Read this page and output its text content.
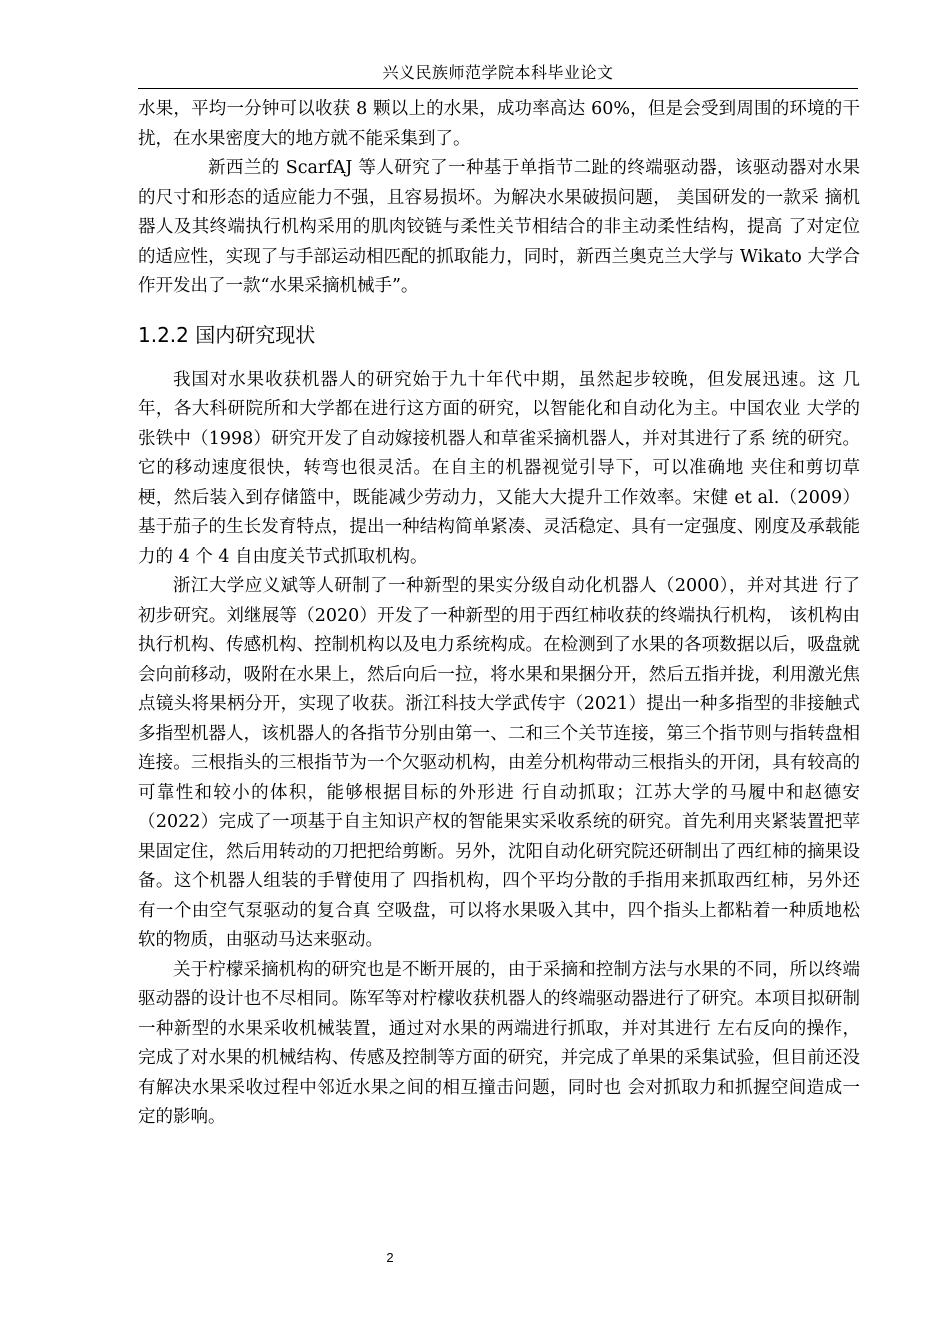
兴义民族师范学院本科毕业论文

水果，平均一分钟可以收获 8 颗以上的水果，成功率高达 60%，但是会受到周围的环境的干扰，在水果密度大的地方就不能采集到了。

新西兰的 ScarfAJ 等人研究了一种基于单指节二趾的终端驱动器，该驱动器对水果 的尺寸和形态的适应能力不强，且容易损坏。为解决水果破损问题， 美国研发的一款采 摘机器人及其终端执行机构采用的肌肉铰链与柔性关节相结合的非主动柔性结构，提高 了对定位的适应性，实现了与手部运动相匹配的抓取能力，同时，新西兰奥克兰大学与 Wikato 大学合作开发出了一款“水果采摘机械手”。

1.2.2 国内研究现状

我国对水果收获机器人的研究始于九十年代中期，虽然起步较晚，但发展迅速。这 几年，各大科研院所和大学都在进行这方面的研究，以智能化和自动化为主。中国农业 大学的张铁中（1998）研究开发了自动嫁接机器人和草雀采摘机器人，并对其进行了系 统的研究。它的移动速度很快，转弯也很灵活。在自主的机器视觉引导下，可以准确地 夹住和剪切草梗，然后装入到存储篮中，既能减少劳动力，又能大大提升工作效率。宋健 et al.（2009）基于茄子的生长发育特点，提出一种结构简单紧凑、灵活稳定、具有一定强度、刚度及承载能力的 4 个 4 自由度关节式抓取机构。

浙江大学应义斌等人研制了一种新型的果实分级自动化机器人（2000），并对其进 行了初步研究。刘继展等（2020）开发了一种新型的用于西红柿收获的终端执行机构， 该机构由执行机构、传感机构、控制机构以及电力系统构成。在检测到了水果的各项数据以后，吸盘就会向前移动，吸附在水果上，然后向后一拉，将水果和果捆分开，然后五指并拢，利用激光焦点镜头将果柄分开，实现了收获。浙江科技大学武传宇（2021）提出一种多指型的非接触式多指型机器人，该机器人的各指节分别由第一、二和三个关节连接，第三个指节则与指转盘相连接。三根指头的三根指节为一个欠驱动机构，由差分机构带动三根指头的开闭，具有较高的可靠性和较小的体积，能够根据目标的外形进 行自动抓取；江苏大学的马履中和赵德安（2022）完成了一项基于自主知识产权的智能果实采收系统的研究。首先利用夹紧装置把苹果固定住，然后用转动的刀把把给剪断。另外，沈阳自动化研究院还研制出了西红柿的摘果设备。这个机器人组装的手臂使用了 四指机构，四个平均分散的手指用来抓取西红柿，另外还有一个由空气泵驱动的复合真 空吸盘，可以将水果吸入其中，四个指头上都粘着一种质地松软的物质，由驱动马达来驱动。

关于柠檬采摘机构的研究也是不断开展的，由于采摘和控制方法与水果的不同，所以终端驱动器的设计也不尽相同。陈军等对柠檬收获机器人的终端驱动器进行了研究。本项目拟研制一种新型的水果采收机械装置，通过对水果的两端进行抓取，并对其进行 左右反向的操作，完成了对水果的机械结构、传感及控制等方面的研究，并完成了单果的采集试验，但目前还没有解决水果采收过程中邻近水果之间的相互撞击问题，同时也 会对抓取力和抓握空间造成一定的影响。

2
